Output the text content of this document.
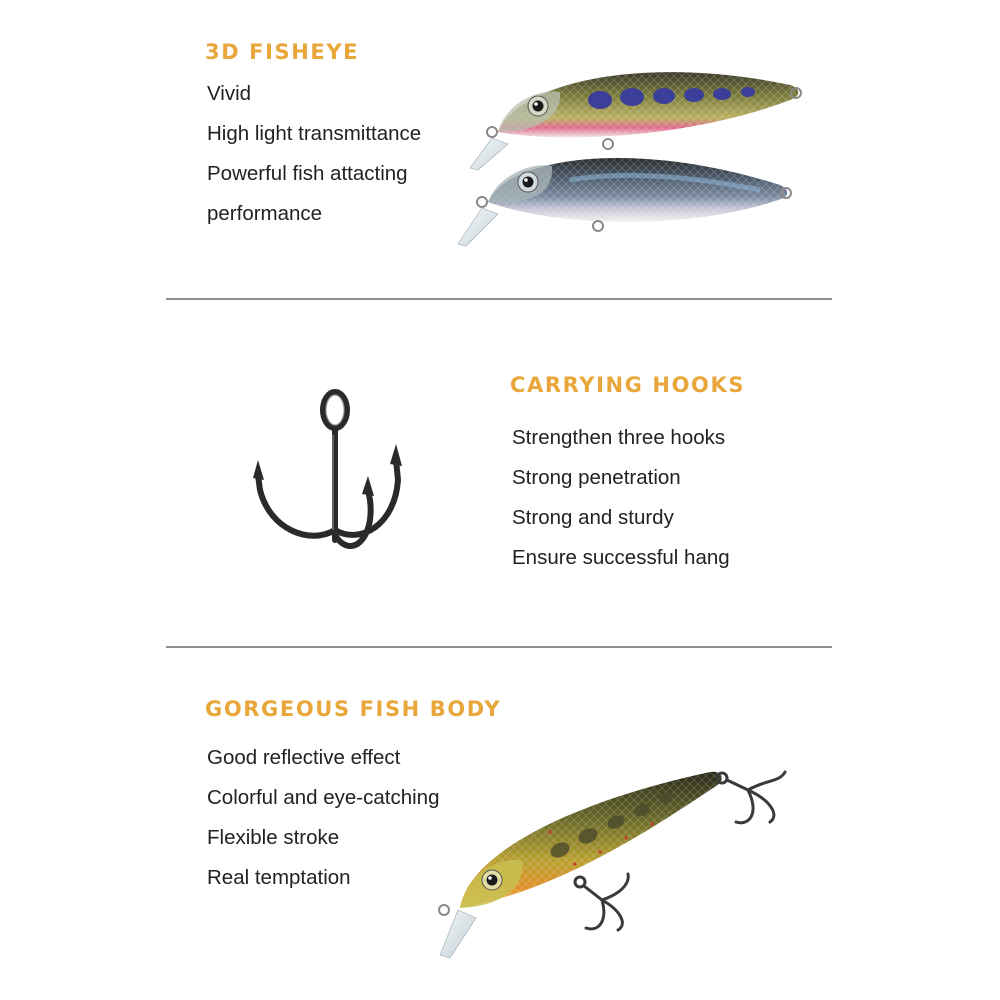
3D FISHEYE
Vivid
High light transmittance
Powerful fish attacting
performance
CARRYING HOOKS
Strengthen three hooks
Strong penetration
Strong and sturdy
Ensure successful hang
GORGEOUS FISH BODY
Good reflective effect
Colorful and eye-catching
Flexible stroke
Real temptation
